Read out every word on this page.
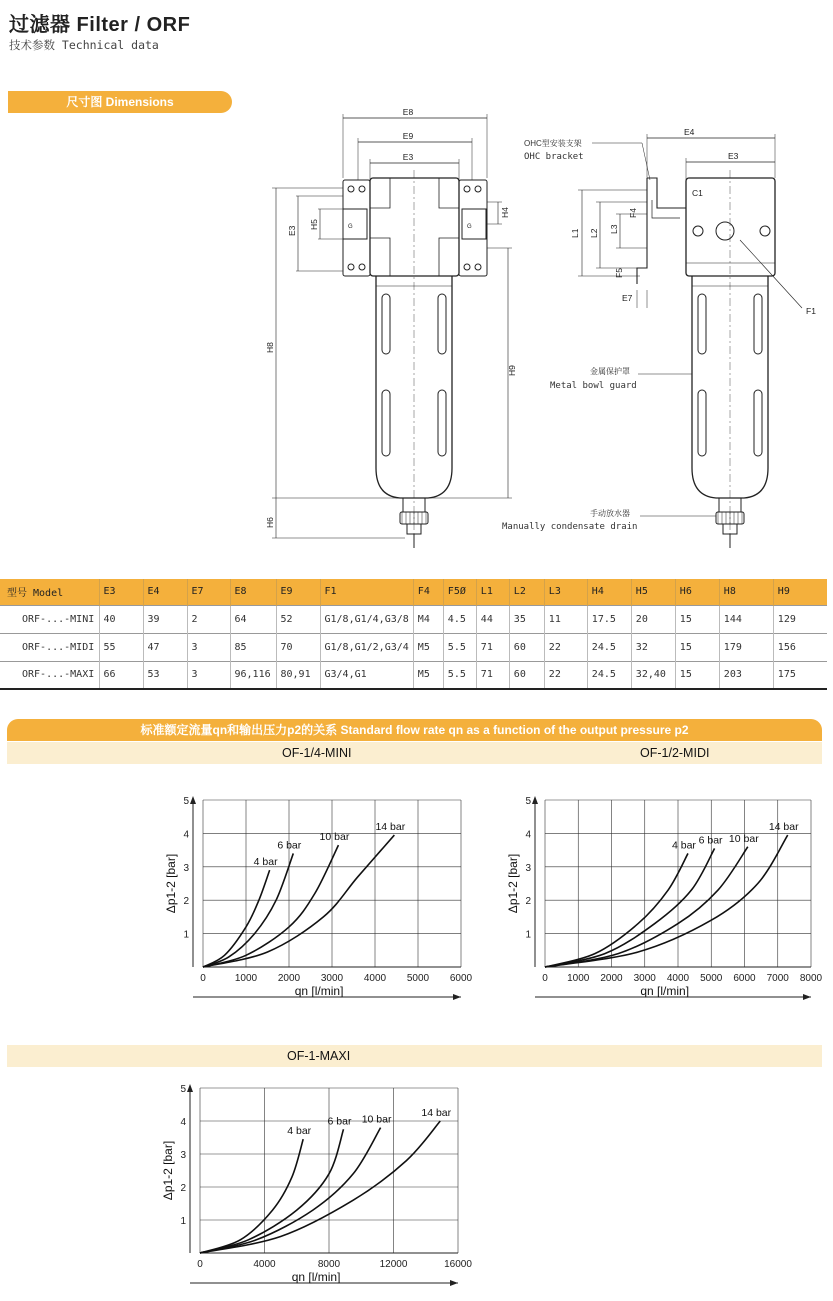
过滤器 Filter / ORF
技术参数 Technical data
尺寸图 Dimensions
E8
E9
E3
G	G
E3
H5
H4
H8
H9
H6
E4
E3
C1
L1 L2 L3
F4
F5
E7
F1
OHC型安装支架
OHC bracket
金属保护罩
Metal bowl guard
手动放水器
Manually condensate drain
型号 Model	E3	E4	E7	E8	E9	F1	F4	F5Ø	L1	L2	L3	H4	H5	H6	H8	H9
ORF-...-MINI	40	39	2	64	52	G1/8,G1/4,G3/8	M4	4.5	44	35	11	17.5	20	15	144	129
ORF-...-MIDI	55	47	3	85	70	G1/8,G1/2,G3/4	M5	5.5	71	60	22	24.5	32	15	179	156
ORF-...-MAXI	66	53	3	96,116	80,91	G3/4,G1	M5	5.5	71	60	22	24.5	32,40	15	203	175
标准额定流量qn和输出压力p2的关系 Standard flow rate qn as a function of the output pressure p2
OF-1/4-MINI	OF-1/2-MIDI
OF-1-MAXI
0	1000 2000 3000 4000 5000 6000
1
2
3
4
5
qn [l/min]
Δp1-2 [bar]	4 bar
6 bar
10 bar
14 bar
0 1000 2000 3000 4000 5000 6000 7000 8000
1
2
3
4
5
qn [l/min]
Δp1-2 [bar]
4 bar 6 bar 10 bar
14 bar
0	4000	8000	12000	16000
1
2
3
4
5
qn [l/min]
Δp1-2 [bar]
4 bar
6 bar 10 bar
14 bar
